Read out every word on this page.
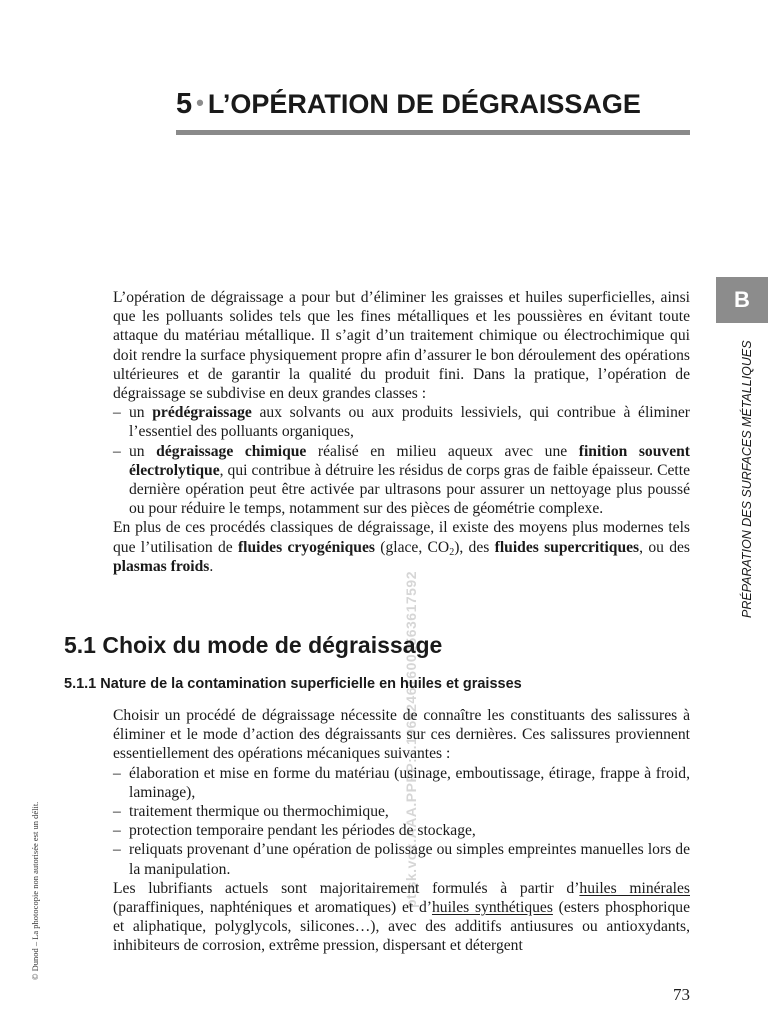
5 • L’OPÉRATION DE DÉGRAISSAGE
B
PRÉPARATION DES SURFACES MÉTALLIQUES
pt.sk.vox.AAA.PPPP:1.196524616002563617592

L’opération de dégraissage a pour but d’éliminer les graisses et huiles superficielles, ainsi que les polluants solides tels que les fines métalliques et les poussières en évitant toute attaque du matériau métallique. Il s’agit d’un traitement chimique ou électrochimique qui doit rendre la surface physiquement propre afin d’assurer le bon déroulement des opérations ultérieures et de garantir la qualité du produit fini. Dans la pratique, l’opération de dégraissage se subdivise en deux grandes classes :

– un prédégraissage aux solvants ou aux produits lessiviels, qui contribue à éliminer l’essentiel des polluants organiques,
– un dégraissage chimique réalisé en milieu aqueux avec une finition souvent électrolytique, qui contribue à détruire les résidus de corps gras de faible épaisseur. Cette dernière opération peut être activée par ultrasons pour assurer un nettoyage plus poussé ou pour réduire le temps, notamment sur des pièces de géométrie complexe.

En plus de ces procédés classiques de dégraissage, il existe des moyens plus modernes tels que l’utilisation de fluides cryogéniques (glace, $CO_2$), des fluides supercritiques, ou des plasmas froids.

5.1 Choix du mode de dégraissage
5.1.1 Nature de la contamination superficielle en huiles et graisses

Choisir un procédé de dégraissage nécessite de connaître les constituants des salissures à éliminer et le mode d’action des dégraissants sur ces dernières. Ces salissures proviennent essentiellement des opérations mécaniques suivantes :

– élaboration et mise en forme du matériau (usinage, emboutissage, étirage, frappe à froid, laminage),
– traitement thermique ou thermochimique,
– protection temporaire pendant les périodes de stockage,
– reliquats provenant d’une opération de polissage ou simples empreintes manuelles lors de la manipulation.

Les lubrifiants actuels sont majoritairement formulés à partir d’huiles minérales (paraffiniques, naphténiques et aromatiques) et d’huiles synthétiques (esters phosphorique et aliphatique, polyglycols, silicones…), avec des additifs antiusures ou antioxydants, inhibiteurs de corrosion, extrême pression, dispersant et détergent

© Dunod – La photocopie non autorisée est un délit.
73
